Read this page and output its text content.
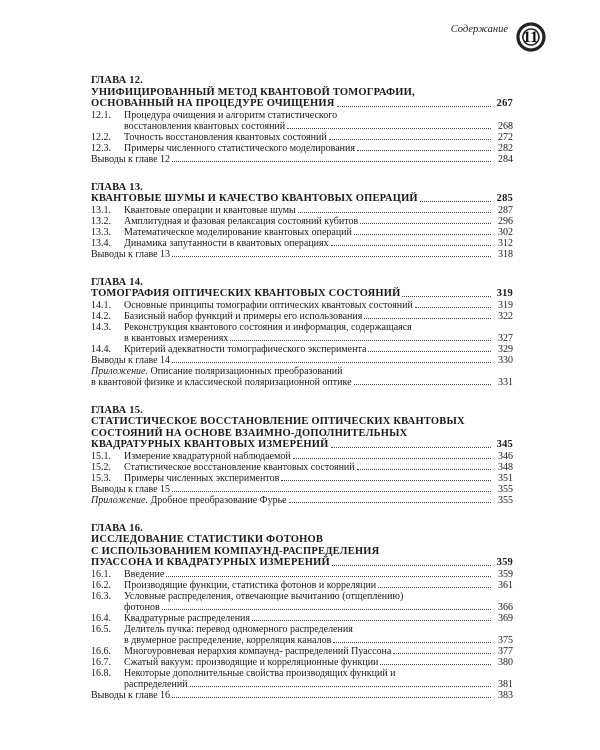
Содержание 11
ГЛАВА 12.
УНИФИЦИРОВАННЫЙ МЕТОД КВАНТОВОЙ ТОМОГРАФИИ,
ОСНОВАННЫЙ НА ПРОЦЕДУРЕ ОЧИЩЕНИЯ	267
12.1.	Процедура очищения и алгоритм статистического
восстановления квантовых состояний	268
12.2.	Точность восстановления квантовых состояний	272
12.3.	Примеры численного статистического моделирования	282
Выводы к главе 12	284
ГЛАВА 13.
КВАНТОВЫЕ ШУМЫ И КАЧЕСТВО КВАНТОВЫХ ОПЕРАЦИЙ	285
13.1.	Квантовые операции и квантовые шумы	287
13.2.	Амплитудная и фазовая релаксация состояний кубитов	296
13.3.	Математическое моделирование квантовых операций	302
13.4.	Динамика запутанности в квантовых операциях	312
Выводы к главе 13	318
ГЛАВА 14.
ТОМОГРАФИЯ ОПТИЧЕСКИХ КВАНТОВЫХ СОСТОЯНИЙ	319
14.1.	Основные принципы томографии оптических квантовых состояний	319
14.2.	Базисный набор функций и примеры его использования	322
14.3.	Реконструкция квантового состояния и информация, содержащаяся
в квантовых измерениях	327
14.4.	Критерий адекватности томографического эксперимента	329
Выводы к главе 14	330
Приложение. Описание поляризационных преобразований
в квантовой физике и классической поляризационной оптике	331
ГЛАВА 15.
СТАТИСТИЧЕСКОЕ ВОССТАНОВЛЕНИЕ ОПТИЧЕСКИХ КВАНТОВЫХ
СОСТОЯНИЙ НА ОСНОВЕ ВЗАИМНО-ДОПОЛНИТЕЛЬНЫХ
КВАДРАТУРНЫХ КВАНТОВЫХ ИЗМЕРЕНИЙ	345
15.1.	Измерение квадратурной наблюдаемой	346
15.2.	Статистическое восстановление квантовых состояний	348
15.3.	Примеры численных экспериментов	351
Выводы к главе 15	355
Приложение. Дробное преобразование Фурье	355
ГЛАВА 16.
ИССЛЕДОВАНИЕ СТАТИСТИКИ ФОТОНОВ
С ИСПОЛЬЗОВАНИЕМ КОМПАУНД-РАСПРЕДЕЛЕНИЯ
ПУАССОНА И КВАДРАТУРНЫХ ИЗМЕРЕНИЙ	359
16.1.	Введение	359
16.2.	Производящие функции, статистика фотонов и корреляции	361
16.3.	Условные распределения, отвечающие вычитанию (отщеплению)
фотонов	366
16.4.	Квадратурные распределения	369
16.5.	Делитель пучка: перевод одномерного распределения
в двумерное распределение, корреляция каналов	375
16.6.	Многоуровневая иерархия компаунд- распределений Пуассона	377
16.7.	Сжатый вакуум: производящие и корреляционные функции	380
16.8.	Некоторые дополнительные свойства производящих функций и
распределений	381
Выводы к главе 16	383
